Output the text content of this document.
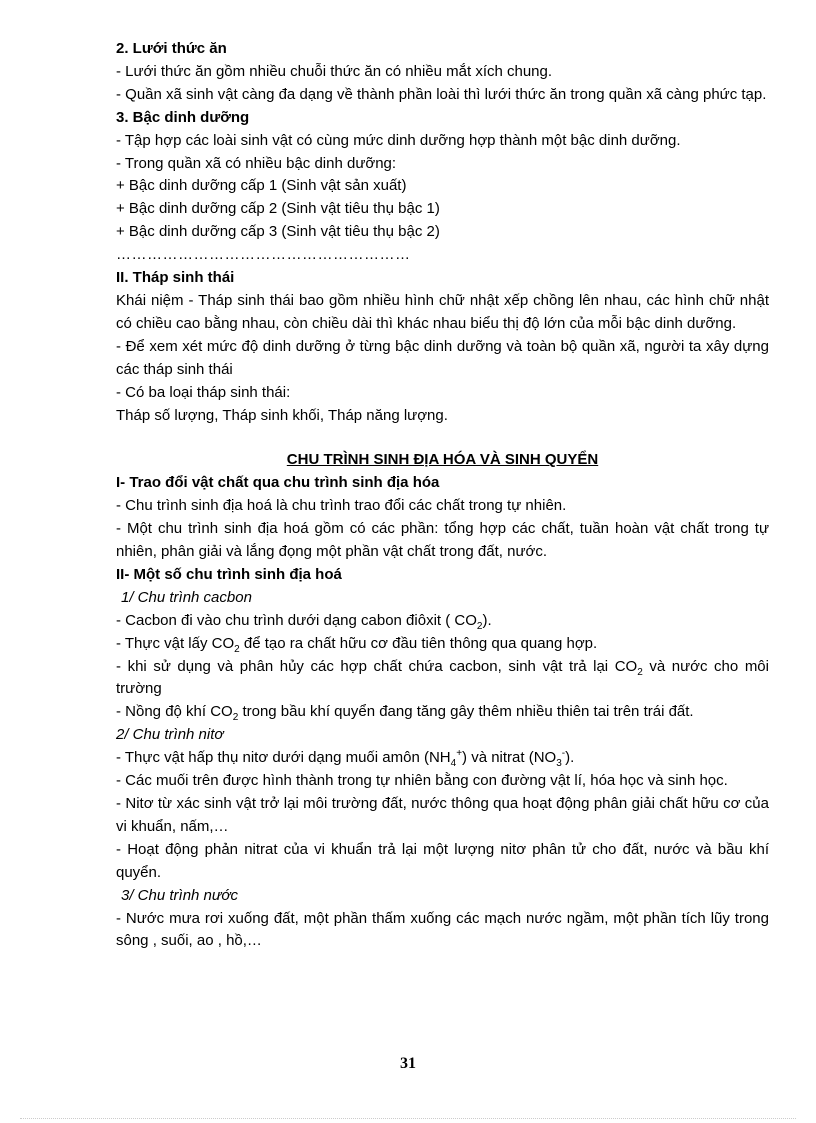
2. Lưới thức ăn
- Lưới thức ăn gồm nhiều chuỗi thức ăn có nhiều mắt xích chung.
- Quần xã sinh vật càng đa dạng về thành phần loài thì lưới thức ăn trong quần xã càng phức tạp.
3. Bậc dinh dưỡng
- Tập hợp các loài sinh vật có cùng mức dinh dưỡng hợp thành một bậc dinh dưỡng.
- Trong quần xã có nhiều bậc dinh dưỡng:
+ Bậc dinh dưỡng cấp 1 (Sinh vật sản xuất)
+ Bậc dinh dưỡng cấp 2 (Sinh vật tiêu thụ bậc 1)
+ Bậc dinh dưỡng cấp 3 (Sinh vật tiêu thụ bậc 2)
…………………………………………………
II. Tháp sinh thái
Khái niệm - Tháp sinh thái bao gồm nhiều hình chữ nhật xếp chồng lên nhau, các hình chữ nhật có chiều cao bằng nhau, còn chiều dài thì khác nhau biểu thị độ lớn của mỗi bậc dinh dưỡng.
- Để xem xét mức độ dinh dưỡng ở từng bậc dinh dưỡng và toàn bộ quần xã, người ta xây dựng các tháp sinh thái
- Có ba loại tháp sinh thái:
Tháp số lượng, Tháp sinh khối, Tháp năng lượng.
CHU TRÌNH SINH ĐỊA HÓA VÀ SINH QUYỂN
I- Trao đổi vật chất qua chu trình sinh địa hóa
- Chu trình sinh địa hoá là chu trình trao đổi các chất trong tự nhiên.
- Một chu trình sinh địa hoá gồm có các phần: tổng hợp các chất, tuần hoàn vật chất trong tự nhiên, phân giải và lắng đọng một phần vật chất trong đất, nước.
II- Một số chu trình sinh địa hoá
1/ Chu trình cacbon
- Cacbon đi vào chu trình dưới dạng cabon điôxit ( $CO_2$).
- Thực vật lấy $CO_2$ để tạo ra chất hữu cơ đầu tiên thông qua quang hợp.
- khi sử dụng và phân hủy các hợp chất chứa cacbon, sinh vật trả lại $CO_2$ và nước cho môi trường
- Nồng độ khí $CO_2$ trong bầu khí quyển đang tăng gây thêm nhiều thiên tai trên trái đất.
2/ Chu trình nitơ
- Thực vật hấp thụ nitơ dưới dạng muối amôn $(NH_4^+)$ và nitrat $(NO_3^-)$.
- Các muối trên được hình thành trong tự nhiên bằng con đường vật lí, hóa học và sinh học.
- Nitơ từ xác sinh vật trở lại môi trường đất, nước thông qua hoạt động phân giải chất hữu cơ của vi khuẩn, nấm,…
- Hoạt động phản nitrat của vi khuẩn trả lại một lượng nitơ phân tử cho đất, nước và bầu khí quyển.
3/ Chu trình nước
- Nước mưa rơi xuống đất, một phần thấm xuống các mạch nước ngầm, một phần tích lũy trong sông , suối, ao , hồ,…
31
